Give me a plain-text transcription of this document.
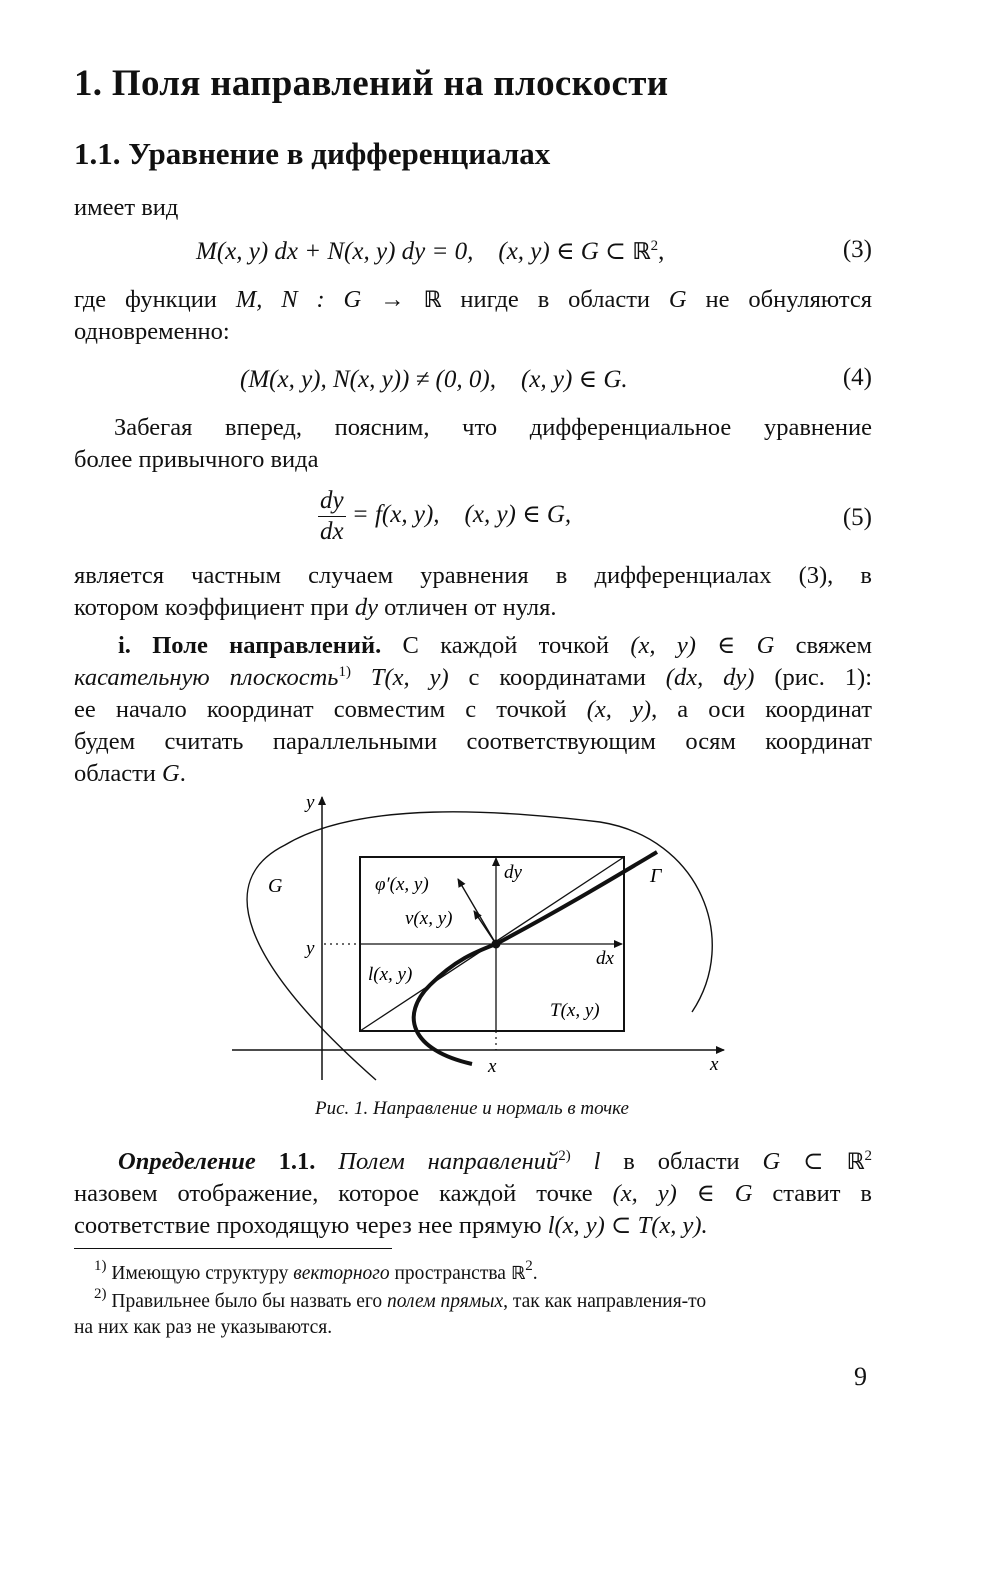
1. Поля направлений на плоскости
1.1. Уравнение в дифференциалах
имеет вид
M(x, y) dx + N(x, y) dy = 0, (x, y) ∈ G ⊂ ℝ$^2$,	(3)
где функции M, N : G → ℝ нигде в области G не обнуляются
одновременно:
(M(x, y), N(x, y)) ≠ (0, 0), (x, y) ∈ G.	(4)
Забегая вперед, поясним, что дифференциальное уравнение
более привычного вида
$\frac{dy}{dx} = f(x$, y), (x, y) ∈ G,	(5)
является частным случаем уравнения в дифференциалах (3), в
котором коэффициент при dy отличен от нуля.
i. Поле направлений. С каждой точкой (x, y) ∈ G свяжем
касательную плоскость$^{1)}$ T(x, y) с координатами (dx, dy) (рис. 1):
ее начало координат совместим с точкой (x, y), а оси координат
будем считать параллельными соответствующим осям координат
области G.
y
x
G	Γ
φ′(x, y)
ν(x, y)
dy
dx
l(x, y)
T(x, y)
y
x
Рис. 1. Направление и нормаль в точке
Определение 1.1. Полем направлений$^{2)}$ l в области G ⊂ ℝ$^2$
назовем отображение, которое каждой точке (x, y) ∈ G ставит в
соответствие проходящую через нее прямую l(x, y) ⊂ T(x, y).
$^{1)}$ Имеющую структуру векторного пространства ℝ$^2$.
$^{2)}$ Правильнее было бы назвать его полем прямых, так как направления-то
на них как раз не указываются.
9
